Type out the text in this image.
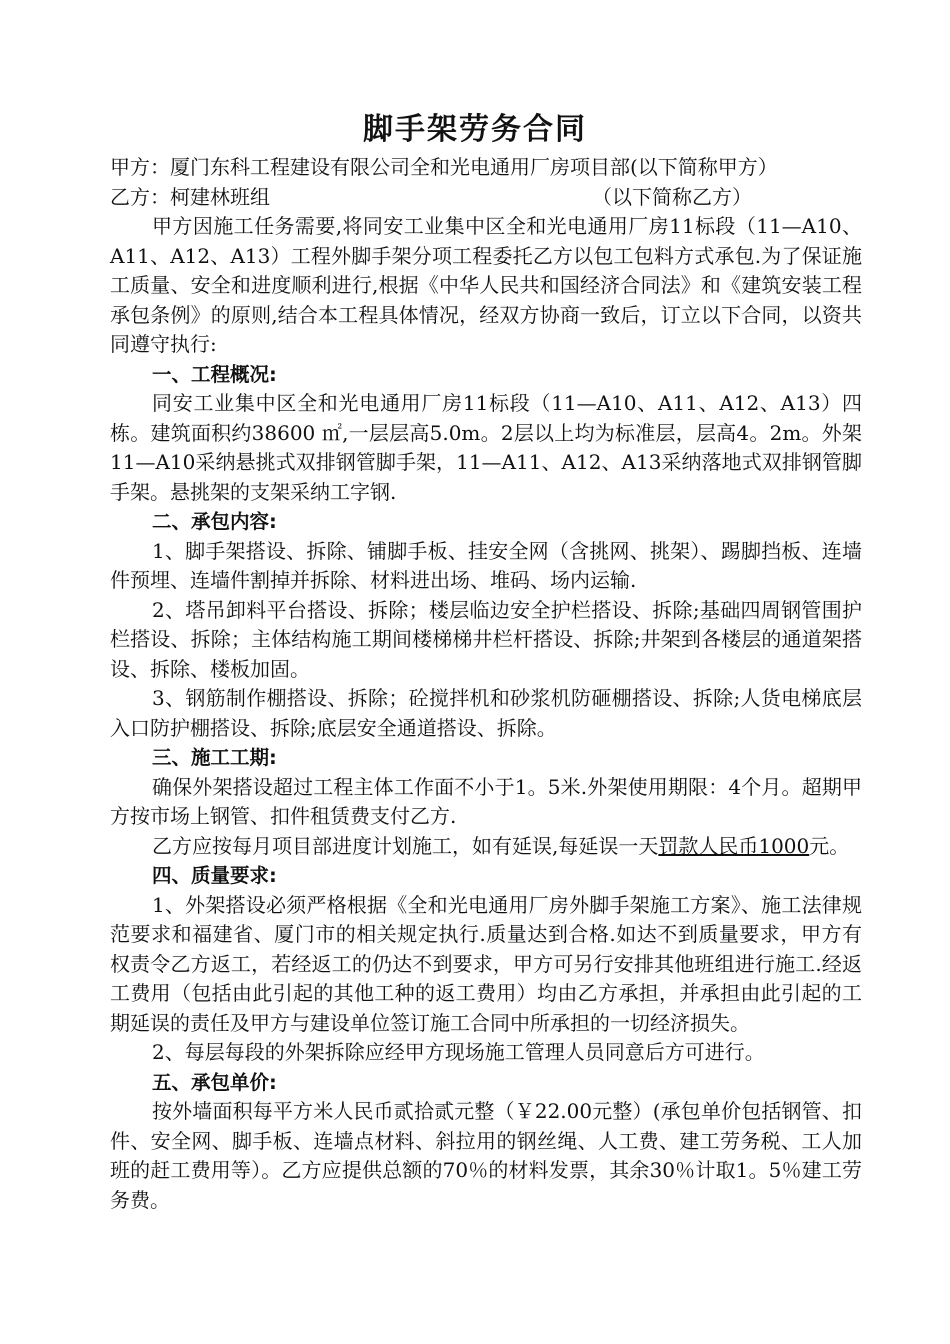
脚手架劳务合同

甲方：厦门东科工程建设有限公司全和光电通用厂房项目部(以下简称甲方）

乙方：柯建林班组	（以下简称乙方）

甲方因施工任务需要,将同安工业集中区全和光电通用厂房11标段（11—A10、A11、A12、A13）工程外脚手架分项工程委托乙方以包工包料方式承包.为了保证施工质量、安全和进度顺利进行,根据《中华人民共和国经济合同法》和《建筑安装工程承包条例》的原则,结合本工程具体情况，经双方协商一致后，订立以下合同，以资共同遵守执行:

一、工程概况:

同安工业集中区全和光电通用厂房11标段（11—A10、A11、A12、A13）四栋。建筑面积约38600 ㎡,一层层高5.0m。2层以上均为标准层，层高4。2m。外架11—A10采纳悬挑式双排钢管脚手架，11—A11、A12、A13采纳落地式双排钢管脚手架。悬挑架的支架采纳工字钢.

二、承包内容:

1、脚手架搭设、拆除、铺脚手板、挂安全网（含挑网、挑架）、踢脚挡板、连墙件预埋、连墙件割掉并拆除、材料进出场、堆码、场内运输.

2、塔吊卸料平台搭设、拆除；楼层临边安全护栏搭设、拆除;基础四周钢管围护栏搭设、拆除；主体结构施工期间楼梯梯井栏杆搭设、拆除;井架到各楼层的通道架搭设、拆除、楼板加固。

3、钢筋制作棚搭设、拆除；砼搅拌机和砂浆机防砸棚搭设、拆除;人货电梯底层入口防护棚搭设、拆除;底层安全通道搭设、拆除。

三、施工工期:

确保外架搭设超过工程主体工作面不小于1。5米.外架使用期限：4个月。超期甲方按市场上钢管、扣件租赁费支付乙方.

乙方应按每月项目部进度计划施工，如有延误,每延误一天罚款人民币1000元。

四、质量要求:

1、外架搭设必须严格根据《全和光电通用厂房外脚手架施工方案》、施工法律规范要求和福建省、厦门市的相关规定执行.质量达到合格.如达不到质量要求，甲方有权责令乙方返工，若经返工的仍达不到要求，甲方可另行安排其他班组进行施工.经返工费用（包括由此引起的其他工种的返工费用）均由乙方承担，并承担由此引起的工期延误的责任及甲方与建设单位签订施工合同中所承担的一切经济损失。

2、每层每段的外架拆除应经甲方现场施工管理人员同意后方可进行。

五、承包单价:

按外墙面积每平方米人民币贰拾贰元整（￥22.00元整）(承包单价包括钢管、扣件、安全网、脚手板、连墙点材料、斜拉用的钢丝绳、人工费、建工劳务税、工人加班的赶工费用等）。乙方应提供总额的70％的材料发票，其余30％计取1。5％建工劳务费。
